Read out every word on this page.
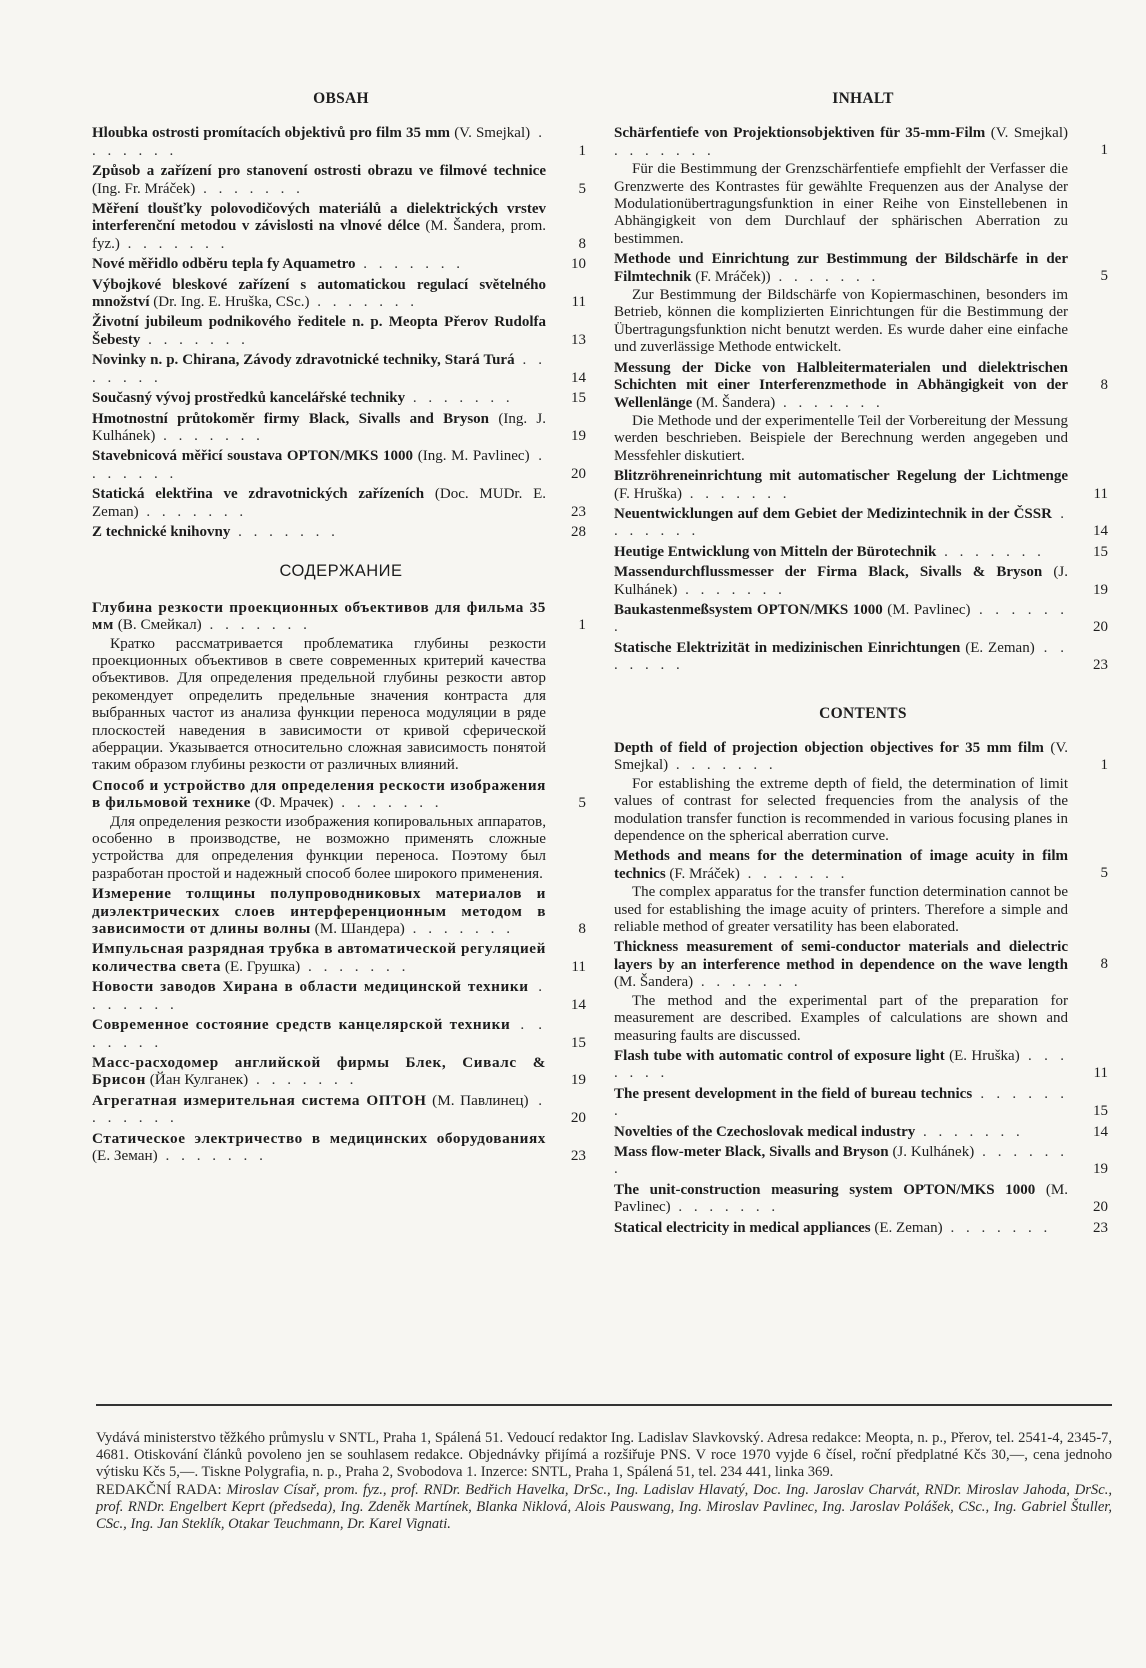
OBSAH
Hloubka ostrosti promítacích objektivů pro film 35 mm (V. Smejkal) . . . . . . .	1
Způsob a zařízení pro stanovení ostrosti obrazu ve filmové technice (Ing. Fr. Mráček) . . . . . . .	5
Měření tloušťky polovodičových materiálů a dielektrických vrstev interferenční metodou v závislosti na vlnové délce (M. Šandera, prom. fyz.) . . . . . . .	8
Nové měřidlo odběru tepla fy Aquametro . . . . . . .	10
Výbojkové bleskové zařízení s automatickou regulací světelného množství (Dr. Ing. E. Hruška, CSc.) . . . . . . .	11
Životní jubileum podnikového ředitele n. p. Meopta Přerov Rudolfa Šebesty . . . . . . .	13
Novinky n. p. Chirana, Závody zdravotnické techniky, Stará Turá . . . . . . .	14
Současný vývoj prostředků kancelářské techniky . . . . . . .	15
Hmotnostní průtokoměr firmy Black, Sivalls and Bryson (Ing. J. Kulhánek) . . . . . . .	19
Stavebnicová měřicí soustava OPTON/MKS 1000 (Ing. M. Pavlinec) . . . . . . .	20
Statická elektřina ve zdravotnických zařízeních (Doc. MUDr. E. Zeman) . . . . . . .	23
Z technické knihovny . . . . . . .	28
СОДЕРЖАНИЕ
Глубина резкости проекционных объективов для фильма 35 мм (В. Смейкал) . . . . . . .	1
Кратко рассматривается проблематика глубины резкости проекционных объективов в свете современных критерий качества объективов. Для определения предельной глубины резкости автор рекомендует определить предельные значения контраста для выбранных частот из анализа функции переноса модуляции в ряде плоскостей наведения в зависимости от кривой сферической аберрации. Указывается относительно сложная зависимость понятой таким образом глубины резкости от различных влияний.
Способ и устройство для определения рескости изображения в фильмовой технике (Ф. Мрачек) . . . . . . .	5
Для определения резкости изображения копировальных аппаратов, особенно в производстве, не возможно применять сложные устройства для определения функции переноса. Поэтому был разработан простой и надежный способ более широкого применения.
Измерение толщины полупроводниковых материалов и диэлектрических слоев интерференционным методом в зависимости от длины волны (М. Шандера) . . . . . . .	8
Импульсная разрядная трубка в автоматической регуляцией количества света (Е. Грушка) . . . . . . .	11
Новости заводов Хирана в области медицинской техники . . . . . . .	14
Современное состояние средств канцелярской техники . . . . . . .	15
Масс-расходомер английской фирмы Блек, Сивалс & Брисон (Йан Кулганек) . . . . . . .	19
Агрегатная измерительная система ОПТОН (М. Павлинец) . . . . . . .	20
Статическое электричество в медицинских оборудованиях (Е. Земан) . . . . . . .	23
INHALT
Schärfentiefe von Projektionsobjektiven für 35-mm-Film (V. Smejkal) . . . . . . .	1
Für die Bestimmung der Grenzschärfentiefe empfiehlt der Verfasser die Grenzwerte des Kontrastes für gewählte Frequenzen aus der Analyse der Modulationübertragungsfunktion in einer Reihe von Einstellebenen in Abhängigkeit von dem Durchlauf der sphärischen Aberration zu bestimmen.
Methode und Einrichtung zur Bestimmung der Bildschärfe in der Filmtechnik (F. Mráček)) . . . . . . .	5
Zur Bestimmung der Bildschärfe von Kopiermaschinen, besonders im Betrieb, können die komplizierten Einrichtungen für die Bestimmung der Übertragungsfunktion nicht benutzt werden. Es wurde daher eine einfache und zuverlässige Methode entwickelt.
Messung der Dicke von Halbleitermaterialen und dielektrischen Schichten mit einer Interferenzmethode in Abhängigkeit von der Wellenlänge (M. Šandera) . . . . . . .
8
Die Methode und der experimentelle Teil der Vorbereitung der Messung werden beschrieben. Beispiele der Berechnung werden angegeben und Messfehler diskutiert.
Blitzröhreneinrichtung mit automatischer Regelung der Lichtmenge (F. Hruška) . . . . . . .	11
Neuentwicklungen auf dem Gebiet der Medizintechnik in der ČSSR . . . . . . .	14
Heutige Entwicklung von Mitteln der Bürotechnik . . . . . . .	15
Massendurchflussmesser der Firma Black, Sivalls & Bryson (J. Kulhánek) . . . . . . .	19
Baukastenmeßsystem OPTON/MKS 1000 (M. Pavlinec) . . . . . . .	20
Statische Elektrizität in medizinischen Einrichtungen (E. Zeman) . . . . . . .	23
CONTENTS
Depth of field of projection objection objectives for 35 mm film (V. Smejkal) . . . . . . .	1
For establishing the extreme depth of field, the determination of limit values of contrast for selected frequencies from the analysis of the modulation transfer function is recommended in various focusing planes in dependence on the spherical aberration curve.
Methods and means for the determination of image acuity in film technics (F. Mráček) . . . . . . .	5
The complex apparatus for the transfer function determination cannot be used for establishing the image acuity of printers. Therefore a simple and reliable method of greater versatility has been elaborated.
Thickness measurement of semi-conductor materials and dielectric layers by an interference method in dependence on the wave length (M. Šandera) . . . . . . .
8
The method and the experimental part of the preparation for measurement are described. Examples of calculations are shown and measuring faults are discussed.
Flash tube with automatic control of exposure light (E. Hruška) . . . . . . .	11
The present development in the field of bureau technics . . . . . . .	15
Novelties of the Czechoslovak medical industry . . . . . . .	14
Mass flow-meter Black, Sivalls and Bryson (J. Kulhánek) . . . . . . .	19
The unit-construction measuring system OPTON/MKS 1000 (M. Pavlinec) . . . . . . .	20
Statical electricity in medical appliances (E. Zeman) . . . . . . .	23
Vydává ministerstvo těžkého průmyslu v SNTL, Praha 1, Spálená 51. Vedoucí redaktor Ing. Ladislav Slavkovský. Adresa redakce: Meopta, n. p., Přerov, tel. 2541-4, 2345-7, 4681. Otiskování článků povoleno jen se souhlasem redakce. Objednávky přijímá a rozšiřuje PNS. V roce 1970 vyjde 6 čísel, roční předplatné Kčs 30,—, cena jednoho výtisku Kčs 5,—. Tiskne Polygrafia, n. p., Praha 2, Svobodova 1. Inzerce: SNTL, Praha 1, Spálená 51, tel. 234 441, linka 369.
REDAKČNÍ RADA: Miroslav Císař, prom. fyz., prof. RNDr. Bedřich Havelka, DrSc., Ing. Ladislav Hlavatý, Doc. Ing. Jaroslav Charvát, RNDr. Miroslav Jahoda, DrSc., prof. RNDr. Engelbert Keprt (předseda), Ing. Zdeněk Martínek, Blanka Niklová, Alois Pauswang, Ing. Miroslav Pavlinec, Ing. Jaroslav Polášek, CSc., Ing. Gabriel Štuller, CSc., Ing. Jan Steklík, Otakar Teuchmann, Dr. Karel Vignati.
